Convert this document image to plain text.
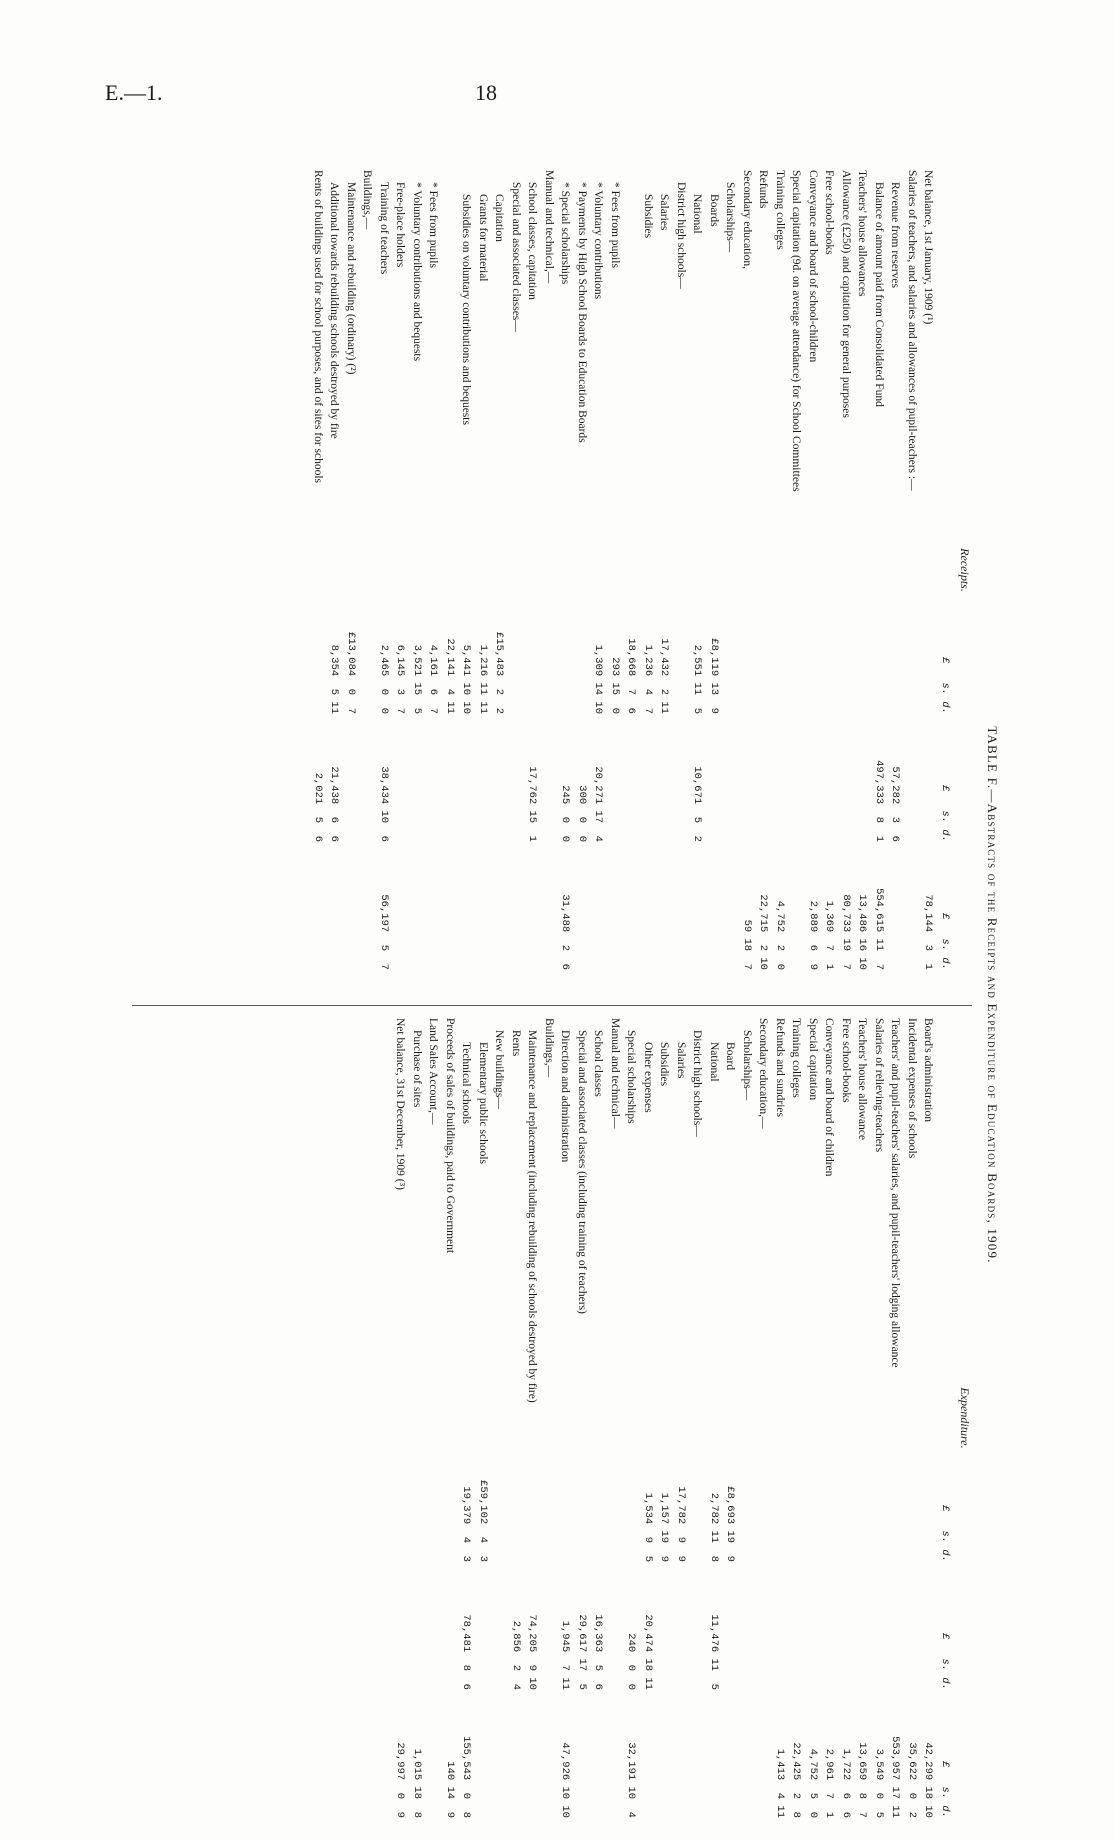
E.—1.	18
TABLE F.—Abstracts of the Receipts and Expenditure of Education Boards, 1909.
Receipts.
£   s. d.
£   s. d.
£   s. d.
Net balance, 1st January, 1909 (¹)
78,144  3  1
Salaries of teachers, and salaries and allowances of pupil-teachers :—
Revenue from reserves
57,282  3  6
Balance of amount paid from Consolidated Fund
497,333  8  1
554,615 11  7
Teachers' house allowances
13,486 16 10
Allowance (£250) and capitation for general purposes
80,733 19  7
Free school-books
1,369  7  1
Conveyance and board of school-children
2,889  6  9
Special capitation (9d. on average attendance) for School Committees
Training colleges
4,752  2  0
Refunds
22,715  2 10
Secondary education,
59 18  7
Scholarships—
Boards
£8,119 13  9
National
2,551 11  5
10,671  5  2
District high schools—
Salaries
17,432  2 11
Subsidies
1,236  4  7
18,668  7  6
* Fees from pupils
293 15  0
* Voluntary contributions
1,309 14 10
20,271 17  4
* Payments by High School Boards to Education Boards
300  0  0
* Special scholarships
245  0  0
31,488  2  6
Manual and technical,—
School classes, capitation
17,762 15  1
Special and associated classes—
Capitation
£15,483  2  2
Grants for material
1,216 11 11
Subsidies on voluntary contributions and bequests
5,441 10 10
22,141  4 11
* Fees from pupils
4,161  6  7
* Voluntary contributions and bequests
3,521 15  5
Free-place holders
6,145  3  7
Training of teachers
2,465  0  0
38,434 10  6
56,197  5  7
Buildings,—
Maintenance and rebuilding (ordinary) (²)
£13,084  0  7
Additional towards rebuilding schools destroyed by fire
8,354  5 11
21,438  6  6
Rents of buildings used for school purposes, and of sites for schools
2,021  5  6
Expenditure.
£   s. d.
£   s. d.
£   s. d.
Board's administration
42,299 18 10
Incidental expenses of schools
35,622  0  2
Teachers' and pupil-teachers' salaries, and pupil-teachers' lodging allowance
553,957 17 11
Salaries of relieving-teachers
3,549  0  5
Teachers' house allowance
13,659  8  7
Free school-books
1,722  6  6
Conveyance and board of children
2,961  7  1
Special capitation
4,752  5  0
Training colleges
22,425  2  8
Refunds and sundries
1,413  4 11
Secondary education,—
Scholarships—
Board
£8,693 19  9
National
2,782 11  8
11,476 11  5
District high schools—
Salaries
17,782  9  9
Subsidies
1,157 19  9
Other expenses
1,534  9  5
20,474 18 11
Special scholarships
240  0  0
32,191 10  4
Manual and technical—
School classes
16,363  5  6
Special and associated classes (including training of teachers)
29,617 17  5
Direction and administration
1,945  7 11
47,926 10 10
Buildings,—
Maintenance and replacement (including rebuilding of schools destroyed by fire)
74,205  9 10
Rents
2,856  2  4
New buildings—
Elementary public schools
£59,102  4  3
Technical schools
19,379  4  3
78,481  8  6
155,543  0  8
Proceeds of sales of buildings, paid to Government
140 14  9
Land Sales Account,—
Purchase of sites
1,015 18  8
Net balance, 31st December, 1909 (³)
29,997  0  9
